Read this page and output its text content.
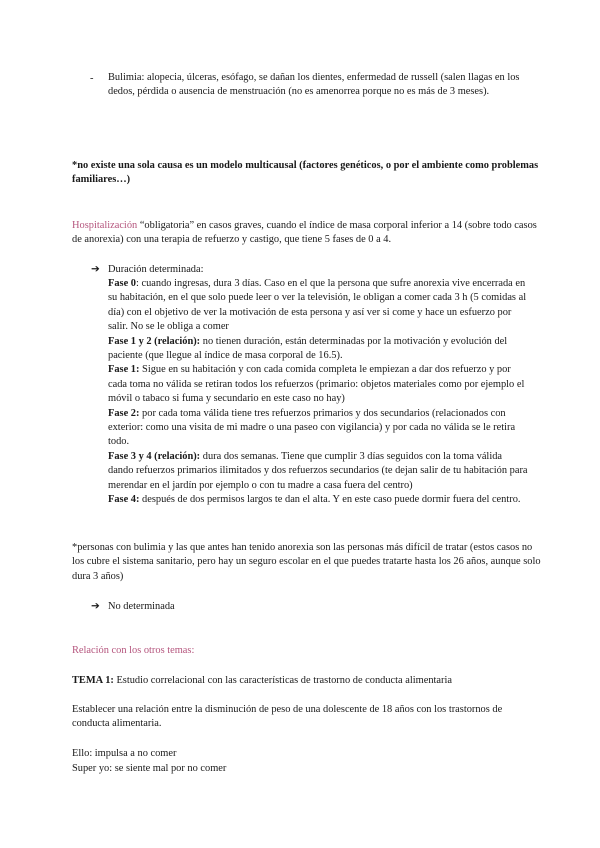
- Bulimia: alopecia, úlceras, esófago, se dañan los dientes, enfermedad de russell (salen llagas en los dedos, pérdida o ausencia de menstruación (no es amenorrea porque no es más de 3 meses).
*no existe una sola causa es un modelo multicausal (factores genéticos, o por el ambiente como problemas familiares…)
Hospitalización “obligatoria” en casos graves, cuando el índice de masa corporal inferior a 14 (sobre todo casos de anorexia) con una terapia de refuerzo y castigo, que tiene 5 fases de 0 a 4.
➔ Duración determinada:
Fase 0: cuando ingresas, dura 3 días. Caso en el que la persona que sufre anorexia vive encerrada en su habitación, en el que solo puede leer o ver la televisión, le obligan a comer cada 3 h (5 comidas al día) con el objetivo de ver la motivación de esta persona y así ver si come y hace un esfuerzo por salir. No se le obliga a comer
Fase 1 y 2 (relación): no tienen duración, están determinadas por la motivación y evolución del paciente (que llegue al índice de masa corporal de 16.5).
Fase 1: Sigue en su habitación y con cada comida completa le empiezan a dar dos refuerzo y por cada toma no válida se retiran todos los refuerzos (primario: objetos materiales como por ejemplo el móvil o tabaco si fuma y secundario en este caso no hay)
Fase 2: por cada toma válida tiene tres refuerzos primarios y dos secundarios (relacionados con exterior: como una visita de mi madre o una paseo con vigilancia) y por cada no válida se le retira todo.
Fase 3 y 4 (relación): dura dos semanas. Tiene que cumplir 3 días seguidos con la toma válida dando refuerzos primarios ilimitados y dos refuerzos secundarios (te dejan salir de tu habitación para merendar en el jardín por ejemplo o con tu madre a casa fuera del centro)
Fase 4: después de dos permisos largos te dan el alta. Y en este caso puede dormir fuera del centro.
*personas con bulimia y las que antes han tenido anorexia son las personas más difícil de tratar (estos casos no los cubre el sistema sanitario, pero hay un seguro escolar en el que puedes tratarte hasta los 26 años, aunque solo dura 3 años)
➔ No determinada
Relación con los otros temas:
TEMA 1: Estudio correlacional con las características de trastorno de conducta alimentaria
Establecer una relación entre la disminución de peso de una dolescente de 18 años con los trastornos de conducta alimentaria.
Ello: impulsa a no comer
Super yo: se siente mal por no comer
